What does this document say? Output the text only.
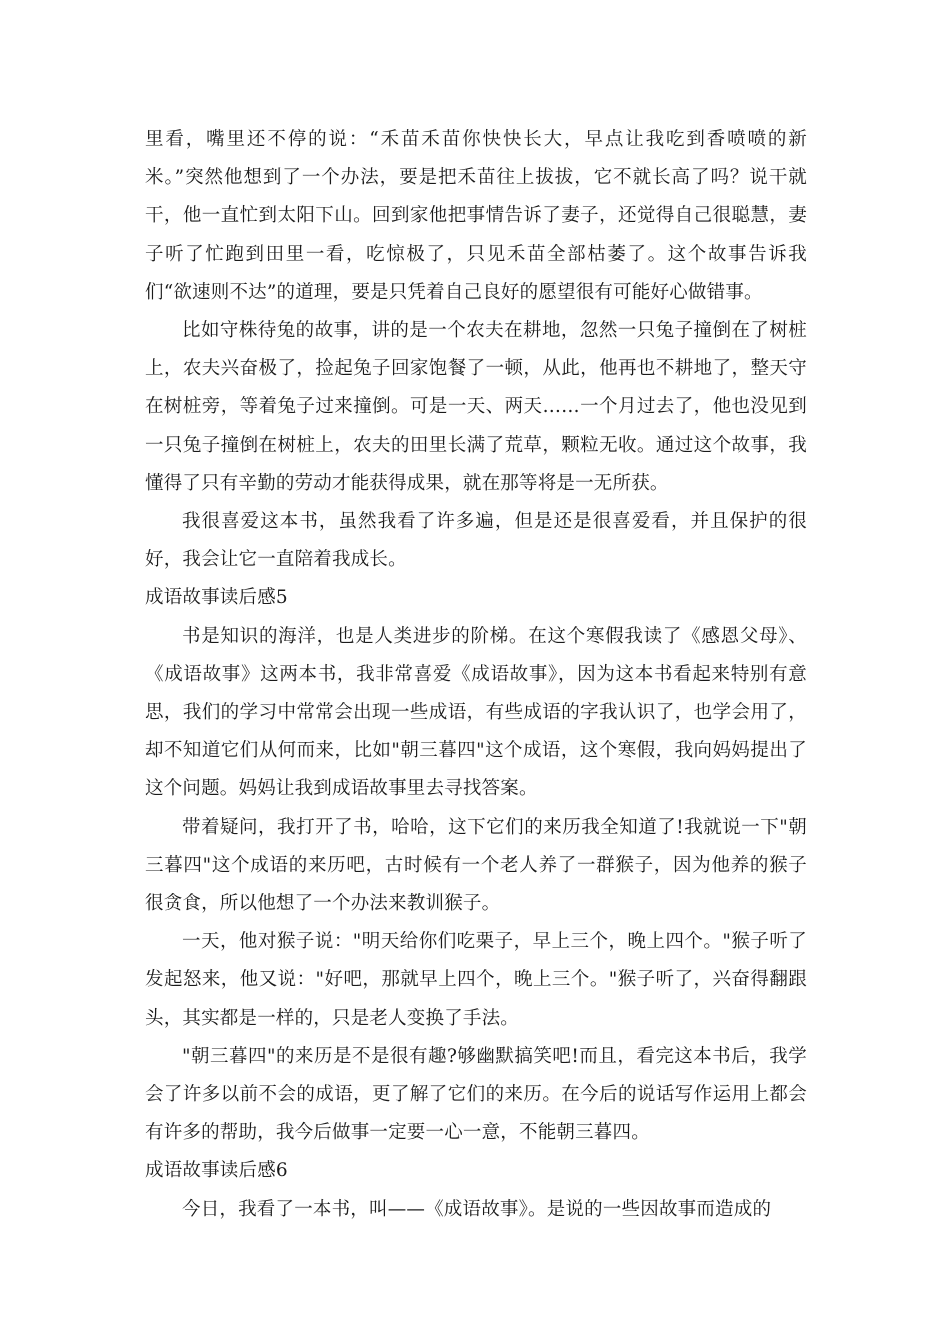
里看，嘴里还不停的说：“禾苗禾苗你快快长大，早点让我吃到香喷喷的新米。”突然他想到了一个办法，要是把禾苗往上拔拔，它不就长高了吗？说干就干，他一直忙到太阳下山。回到家他把事情告诉了妻子，还觉得自己很聪慧，妻子听了忙跑到田里一看，吃惊极了，只见禾苗全部枯萎了。这个故事告诉我们“欲速则不达”的道理，要是只凭着自己良好的愿望很有可能好心做错事。

比如守株待兔的故事，讲的是一个农夫在耕地，忽然一只兔子撞倒在了树桩上，农夫兴奋极了，捡起兔子回家饱餐了一顿，从此，他再也不耕地了，整天守在树桩旁，等着兔子过来撞倒。可是一天、两天……一个月过去了，他也没见到一只兔子撞倒在树桩上，农夫的田里长满了荒草，颗粒无收。通过这个故事，我懂得了只有辛勤的劳动才能获得成果，就在那等将是一无所获。

我很喜爱这本书，虽然我看了许多遍，但是还是很喜爱看，并且保护的很好，我会让它一直陪着我成长。

成语故事读后感5

书是知识的海洋，也是人类进步的阶梯。在这个寒假我读了《感恩父母》、《成语故事》这两本书，我非常喜爱《成语故事》，因为这本书看起来特别有意思，我们的学习中常常会出现一些成语，有些成语的字我认识了，也学会用了，却不知道它们从何而来，比如"朝三暮四"这个成语，这个寒假，我向妈妈提出了这个问题。妈妈让我到成语故事里去寻找答案。

带着疑问，我打开了书，哈哈，这下它们的来历我全知道了!我就说一下"朝三暮四"这个成语的来历吧，古时候有一个老人养了一群猴子，因为他养的猴子很贪食，所以他想了一个办法来教训猴子。

一天，他对猴子说："明天给你们吃栗子，早上三个，晚上四个。"猴子听了发起怒来，他又说："好吧，那就早上四个，晚上三个。"猴子听了，兴奋得翻跟头，其实都是一样的，只是老人变换了手法。

"朝三暮四"的来历是不是很有趣?够幽默搞笑吧!而且，看完这本书后，我学会了许多以前不会的成语，更了解了它们的来历。在今后的说话写作运用上都会有许多的帮助，我今后做事一定要一心一意，不能朝三暮四。

成语故事读后感6

今日，我看了一本书，叫——《成语故事》。是说的一些因故事而造成的
